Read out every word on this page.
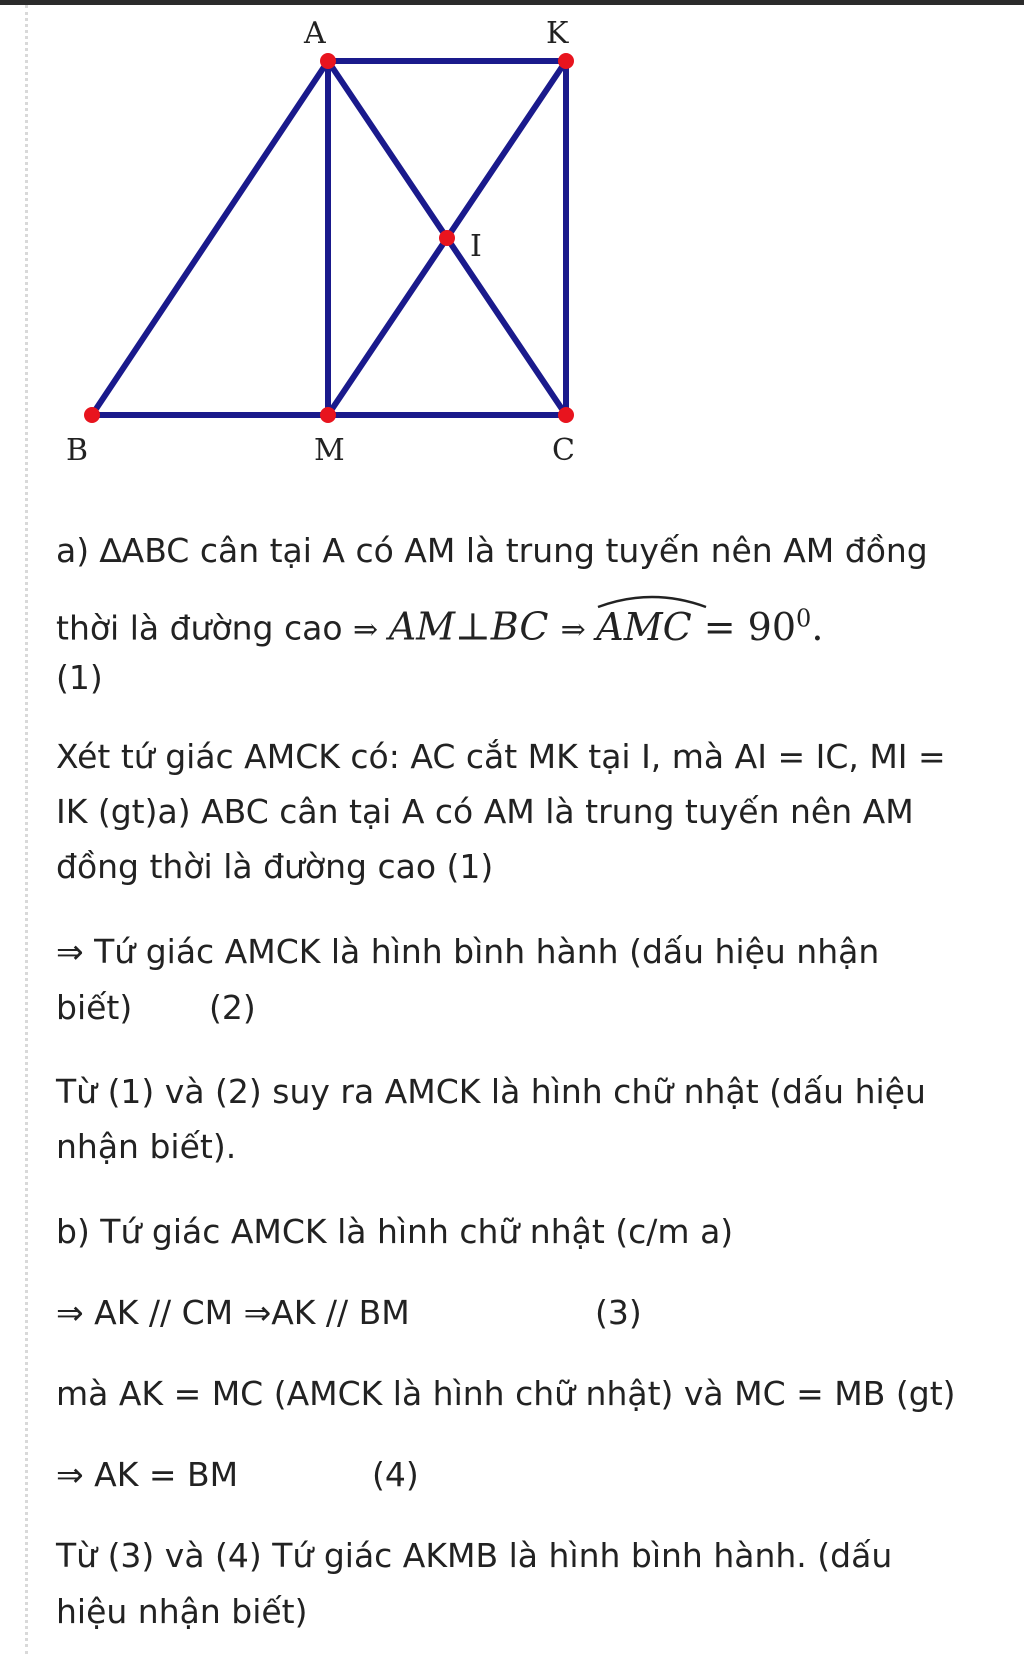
A	K
I
B	M	C
a) ∆ABC cân tại A có AM là trung tuyến nên AM đồng
thời là đường cao ⇒ AM⊥BC ⇒ AMC = $90^0$.
(1)
Xét tứ giác AMCK có: AC cắt MK tại I, mà AI = IC, MI =
IK (gt)a) ABC cân tại A có AM là trung tuyến nên AM
đồng thời là đường cao (1)
⇒ Tứ giác AMCK là hình bình hành (dấu hiệu nhận
biết) (2)
Từ (1) và (2) suy ra AMCK là hình chữ nhật (dấu hiệu
nhận biết).
b) Tứ giác AMCK là hình chữ nhật (c/m a)
⇒ AK // CM ⇒AK // BM	(3)
mà AK = MC (AMCK là hình chữ nhật) và MC = MB (gt)
⇒ AK = BM	(4)
Từ (3) và (4) Tứ giác AKMB là hình bình hành. (dấu
hiệu nhận biết)
